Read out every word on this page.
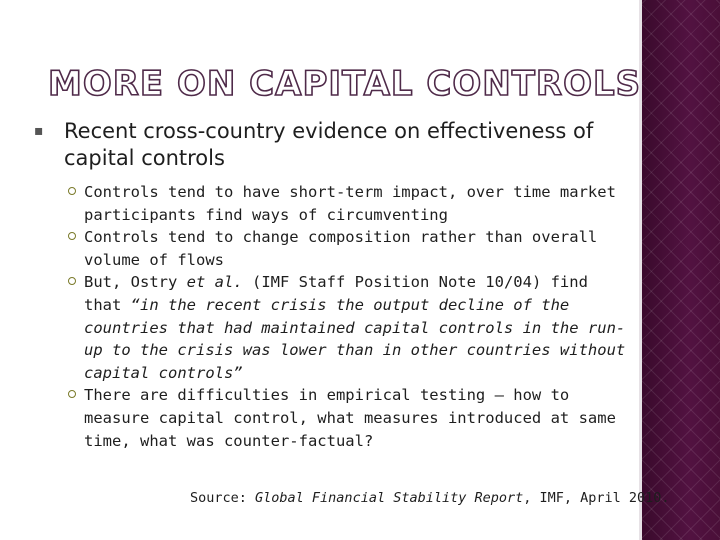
MORE ON CAPITAL CONTROLS
▪ Recent cross-country evidence on effectiveness of capital controls
Controls tend to have short-term impact, over time market participants find ways of circumventing
Controls tend to change composition rather than overall volume of flows
But, Ostry et al. (IMF Staff Position Note 10/04) find that “in the recent crisis the output decline of the countries that had maintained capital controls in the run-up to the crisis was lower than in other countries without capital controls”
There are difficulties in empirical testing – how to measure capital control, what measures introduced at same time, what was counter-factual?
Source: Global Financial Stability Report, IMF, April 2010.
